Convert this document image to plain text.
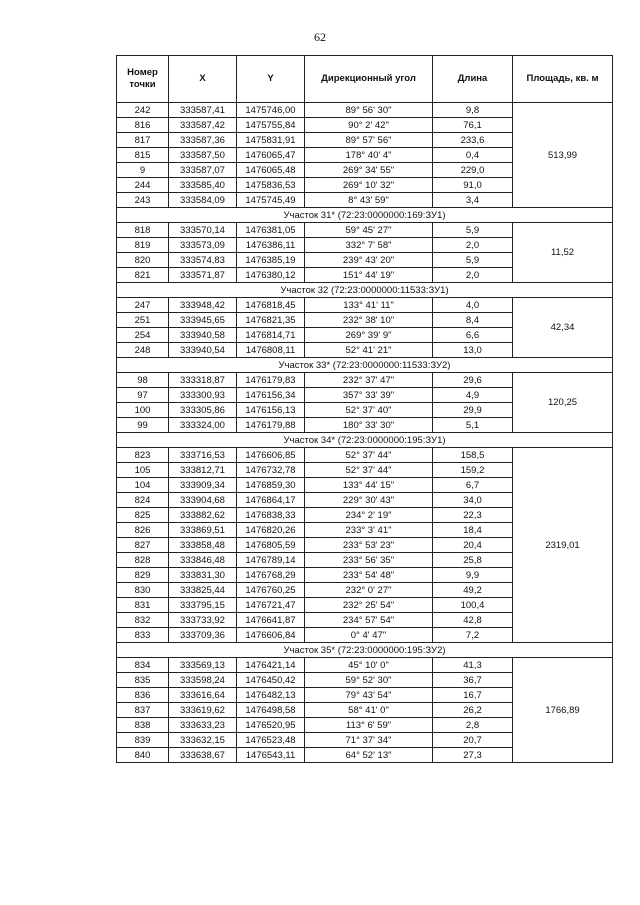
62
Номер точки	X	Y	Дирекционный угол	Длина	Площадь, кв. м
242	333587,41	1475746,00	89° 56' 30"	9,8	513,99
816	333587,42	1475755,84	90° 2' 42"	76,1	
817	333587,36	1475831,91	89° 57' 56"	233,6	
815	333587,50	1476065,47	178° 40' 4"	0,4	
9	333587,07	1476065,48	269° 34' 55"	229,0	
244	333585,40	1475836,53	269° 10' 32"	91,0	
243	333584,09	1475745,49	8° 43' 59"	3,4	
Участок 31* (72:23:0000000:169:ЗУ1)					
818	333570,14	1476381,05	59° 45' 27"	5,9	11,52
819	333573,09	1476386,11	332° 7' 58"	2,0	
820	333574,83	1476385,19	239° 43' 20"	5,9	
821	333571,87	1476380,12	151° 44' 19"	2,0	
Участок 32 (72:23:0000000:11533:ЗУ1)					
247	333948,42	1476818,45	133° 41' 11"	4,0	42,34
251	333945,65	1476821,35	232° 38' 10"	8,4	
254	333940,58	1476814,71	269° 39' 9"	6,6	
248	333940,54	1476808,11	52° 41' 21"	13,0	
Участок 33* (72:23:0000000:11533:ЗУ2)					
98	333318,87	1476179,83	232° 37' 47"	29,6	120,25
97	333300,93	1476156,34	357° 33' 39"	4,9	
100	333305,86	1476156,13	52° 37' 40"	29,9	
99	333324,00	1476179,88	180° 33' 30"	5,1	
Участок 34* (72:23:0000000:195:ЗУ1)					
823	333716,53	1476606,85	52° 37' 44"	158,5	2319,01
105	333812,71	1476732,78	52° 37' 44"	159,2	
104	333909,34	1476859,30	133° 44' 15"	6,7	
824	333904,68	1476864,17	229° 30' 43"	34,0	
825	333882,62	1476838,33	234° 2' 19"	22,3	
826	333869,51	1476820,26	233° 3' 41"	18,4	
827	333858,48	1476805,59	233° 53' 23"	20,4	
828	333846,48	1476789,14	233° 56' 35"	25,8	
829	333831,30	1476768,29	233° 54' 48"	9,9	
830	333825,44	1476760,25	232° 0' 27"	49,2	
831	333795,15	1476721,47	232° 25' 54"	100,4	
832	333733,92	1476641,87	234° 57' 54"	42,8	
833	333709,36	1476606,84	0° 4' 47"	7,2	
Участок 35* (72:23:0000000:195:ЗУ2)					
834	333569,13	1476421,14	45° 10' 0"	41,3	1766,89
835	333598,24	1476450,42	59° 52' 30"	36,7	
836	333616,64	1476482,13	79° 43' 54"	16,7	
837	333619,62	1476498,58	58° 41' 0"	26,2	
838	333633,23	1476520,95	113° 6' 59"	2,8	
839	333632,15	1476523,48	71° 37' 34"	20,7	
840	333638,67	1476543,11	64° 52' 13"	27,3	
